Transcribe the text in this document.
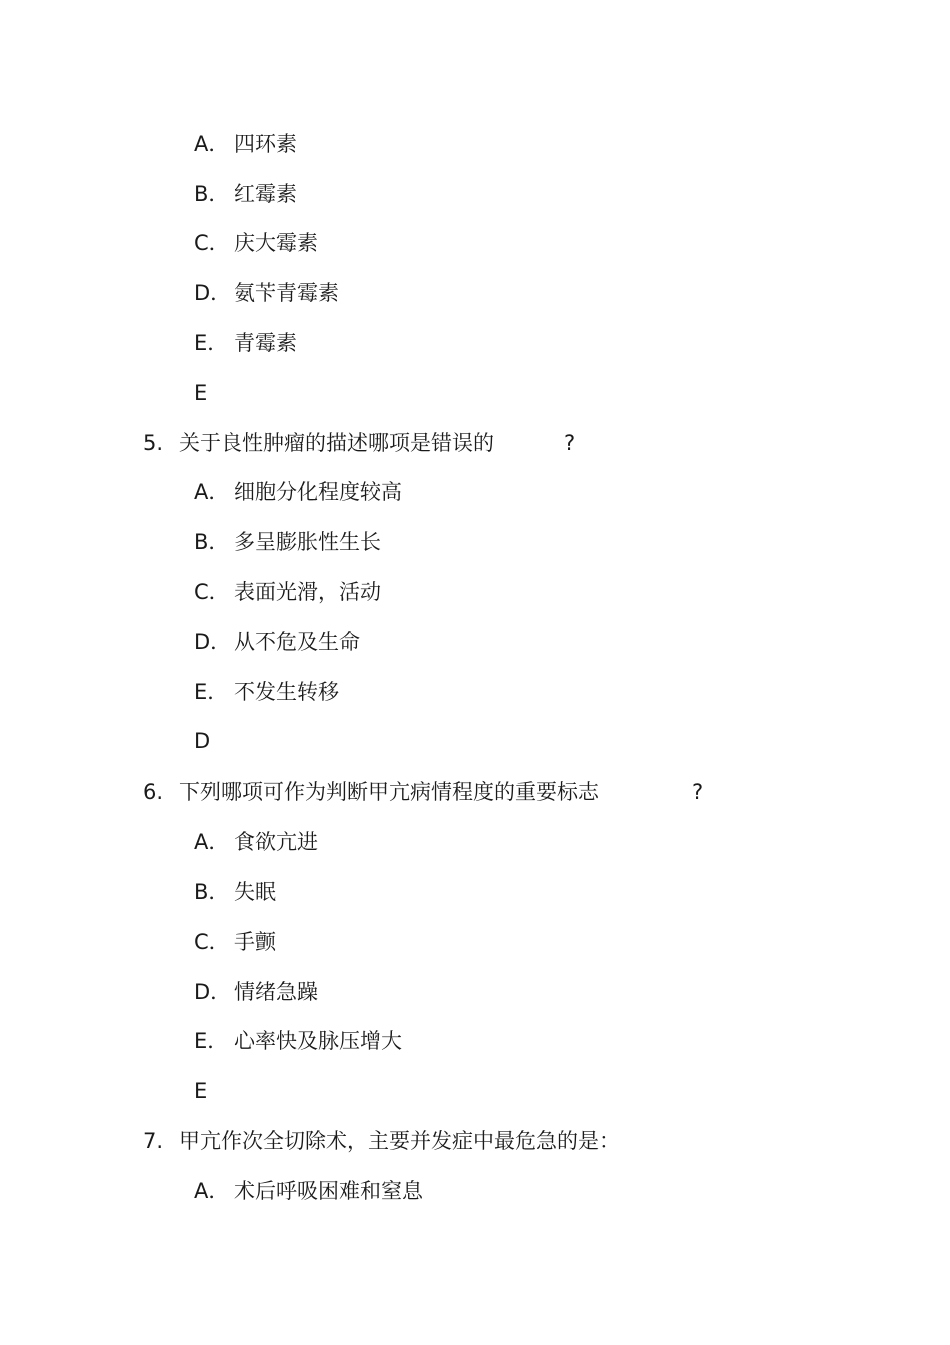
A． 四环素
B． 红霉素
C． 庆大霉素
D． 氨苄青霉素
E． 青霉素
E
5. 关于良性肿瘤的描述哪项是错误的	?
A． 细胞分化程度较高
B． 多呈膨胀性生长
C． 表面光滑，活动
D． 从不危及生命
E． 不发生转移
D
6. 下列哪项可作为判断甲亢病情程度的重要标志	?
A． 食欲亢进
B． 失眠
C． 手颤
D． 情绪急躁
E． 心率快及脉压增大
E
7. 甲亢作次全切除术，主要并发症中最危急的是：
A． 术后呼吸困难和窒息
